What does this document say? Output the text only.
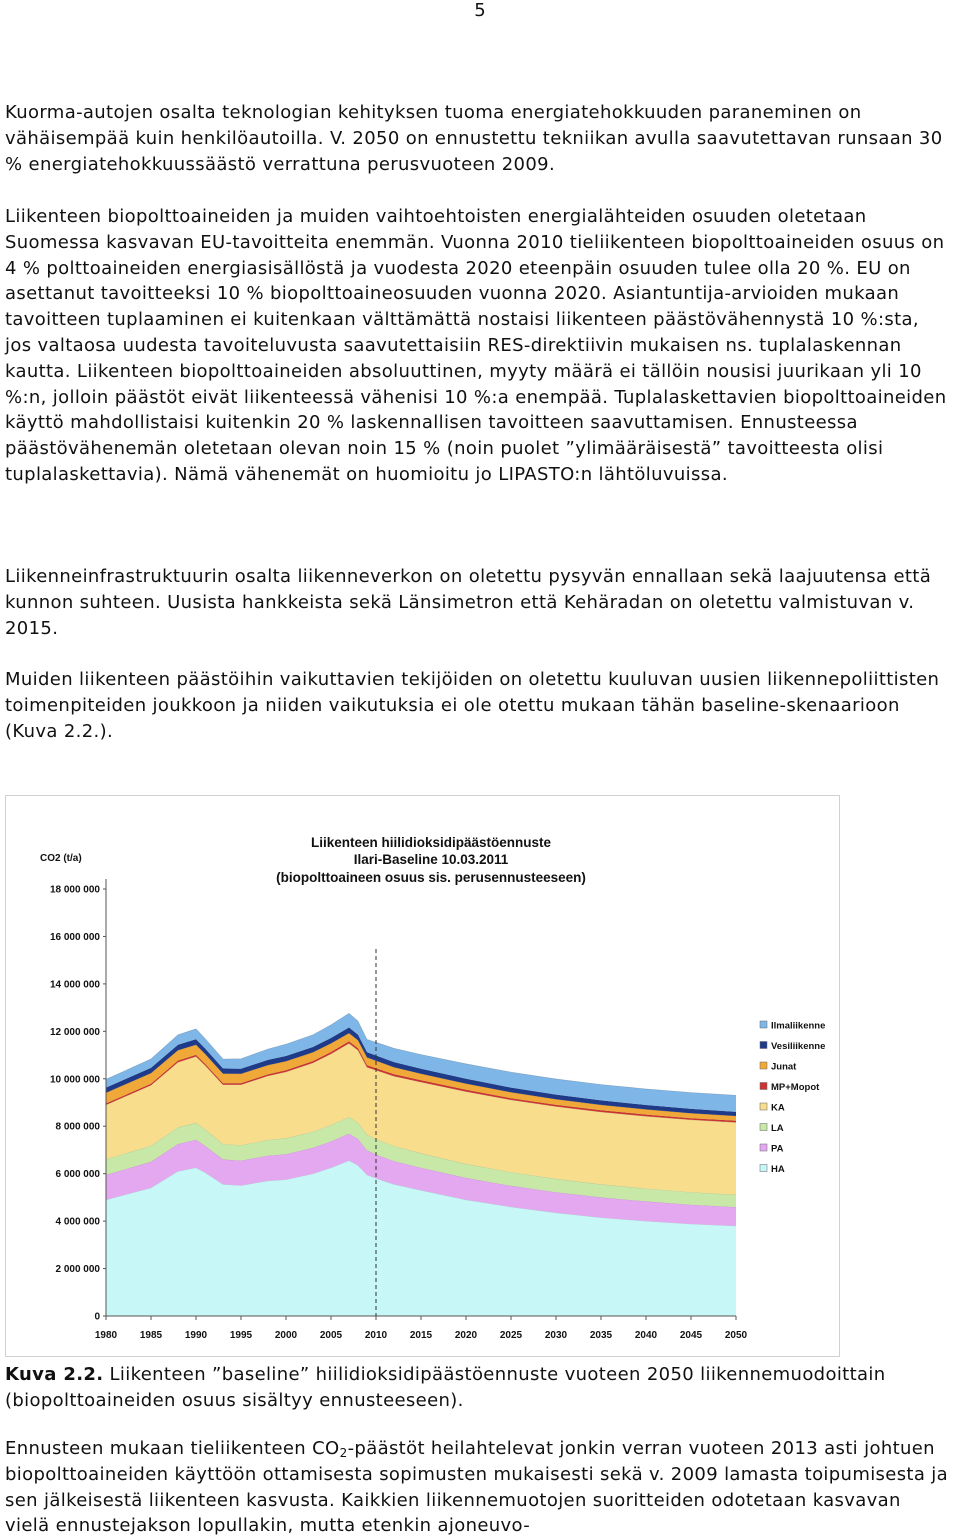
5

Kuorma-autojen osalta teknologian kehityksen tuoma energiatehokkuuden paraneminen on vähäisempää kuin henkilöautoilla. V. 2050 on ennustettu tekniikan avulla saavutettavan runsaan 30 % energiatehokkuussäästö verrattuna perusvuoteen 2009.

Liikenteen biopolttoaineiden ja muiden vaihtoehtoisten energialähteiden osuuden oletetaan Suomessa kasvavan EU-tavoitteita enemmän. Vuonna 2010 tieliikenteen biopolttoaineiden osuus on 4 % polttoaineiden energiasisällöstä ja vuodesta 2020 eteenpäin osuuden tulee olla 20 %. EU on asettanut tavoitteeksi 10 % biopolttoaineosuuden vuonna 2020. Asiantuntija-arvioiden mukaan tavoitteen tuplaaminen ei kuitenkaan välttämättä nostaisi liikenteen päästövähennystä 10 %:sta, jos valtaosa uudesta tavoiteluvusta saavutettaisiin RES-direktiivin mukaisen ns. tuplalaskennan kautta. Liikenteen biopolttoaineiden absoluuttinen, myyty määrä ei tällöin nousisi juurikaan yli 10 %:n, jolloin päästöt eivät liikenteessä vähenisi 10 %:a enempää. Tuplalaskettavien biopolttoaineiden käyttö mahdollistaisi kuitenkin 20 % laskennallisen tavoitteen saavuttamisen. Ennusteessa päästövähenemän oletetaan olevan noin 15 % (noin puolet ”ylimääräisestä” tavoitteesta olisi tuplalaskettavia). Nämä vähenemät on huomioitu jo LIPASTO:n lähtöluvuissa.

Liikenneinfrastruktuurin osalta liikenneverkon on oletettu pysyvän ennallaan sekä laajuutensa että kunnon suhteen. Uusista hankkeista sekä Länsimetron että Kehäradan on oletettu valmistuvan v. 2015.

Muiden liikenteen päästöihin vaikuttavien tekijöiden on oletettu kuuluvan uusien liikennepoliittisten toimenpiteiden joukkoon ja niiden vaikutuksia ei ole otettu mukaan tähän baseline-skenaarioon (Kuva 2.2.).

0
2 000 000
4 000 000
6 000 000
8 000 000
10 000 000
12 000 000
14 000 000
16 000 000
18 000 000
1980 1985 1990 1995 2000 2005 2010 2015 2020 2025 2030 2035 2040 2045 2050
Liikenteen hiilidioksidipäästöennuste
Ilari-Baseline 10.03.2011
(biopolttoaineen osuus sis. perusennusteeseen)
CO2 (t/a)
Ilmaliikenne
Vesiliikenne
Junat
MP+Mopot
KA
LA
PA
HA

Kuva 2.2. Liikenteen ”baseline” hiilidioksidipäästöennuste vuoteen 2050 liikennemuodoittain (biopolttoaineiden osuus sisältyy ennusteeseen).

Ennusteen mukaan tieliikenteen $CO_2$-päästöt heilahtelevat jonkin verran vuoteen 2013 asti johtuen biopolttoaineiden käyttöön ottamisesta sopimusten mukaisesti sekä v. 2009 lamasta toipumisesta ja sen jälkeisestä liikenteen kasvusta. Kaikkien liikennemuotojen suoritteiden odotetaan kasvavan vielä ennustejakson lopullakin, mutta etenkin ajoneuvo-
